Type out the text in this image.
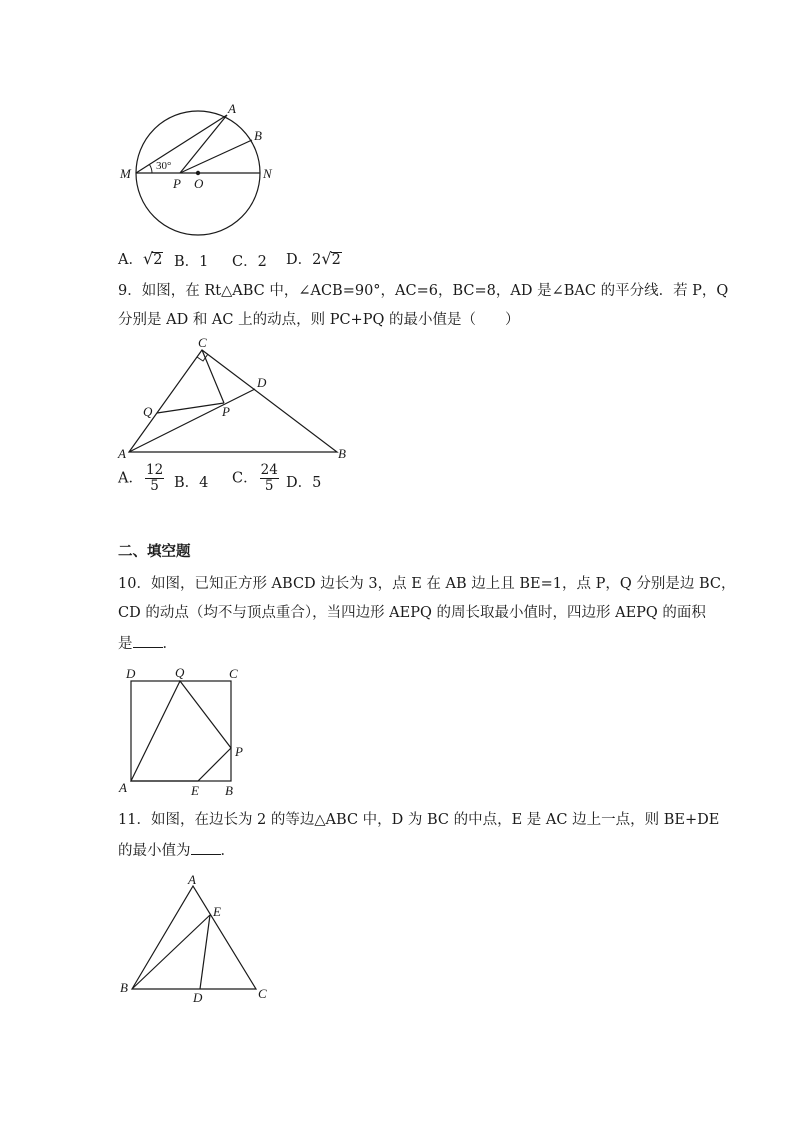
30°
A
B
M	N
P O
A．√2 B．1 C．2 D．2√2
9．如图，在 Rt△ABC 中，∠ACB=90°，AC=6，BC=8，AD 是∠BAC 的平分线．若 P，Q
分别是 AD 和 AC 上的动点，则 PC+PQ 的最小值是（　　）
C
D
Q	P
A	B
A． $\frac{12}{5}$ B．4 C． $\frac{24}{5}$ D．5
二、填空题
10．如图，已知正方形 ABCD 边长为 3，点 E 在 AB 边上且 BE=1，点 P，Q 分别是边 BC，
CD 的动点（均不与顶点重合），当四边形 AEPQ 的周长取最小值时，四边形 AEPQ 的面积
是 ．
D	Q	C
P
A	E B
11．如图，在边长为 2 的等边△ABC 中，D 为 BC 的中点，E 是 AC 边上一点，则 BE+DE
的最小值为 ．
A
E
B
D	C
